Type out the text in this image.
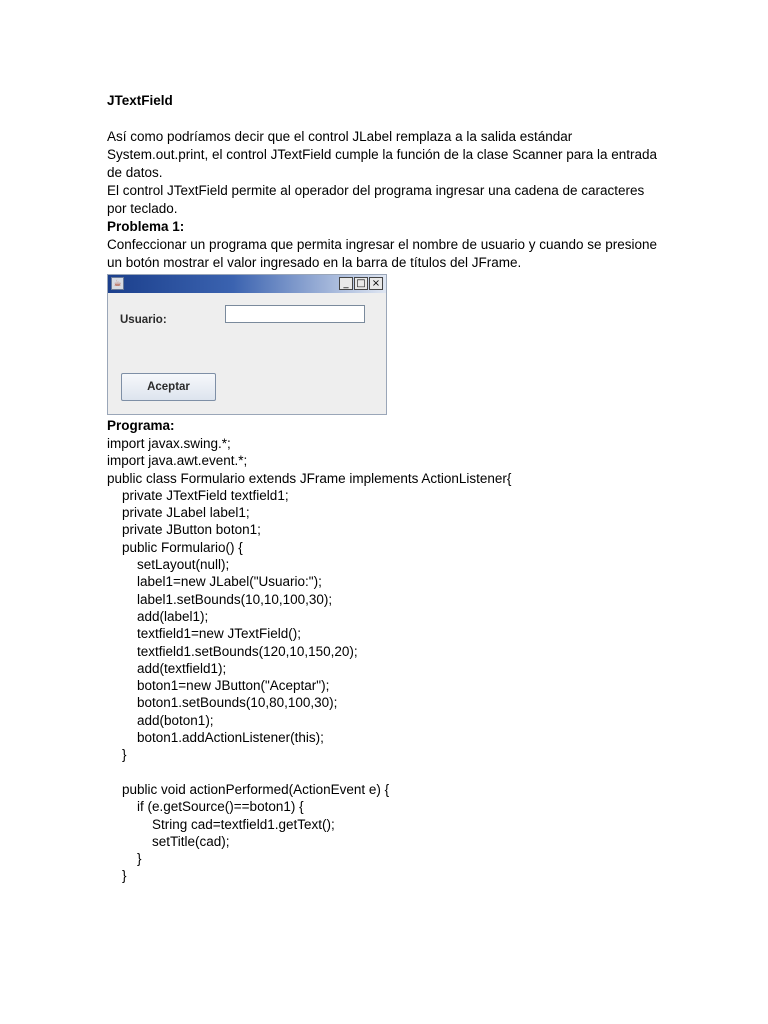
JTextField

Así como podríamos decir que el control JLabel remplaza a la salida estándar System.out.print, el control JTextField cumple la función de la clase Scanner para la entrada de datos.

El control JTextField permite al operador del programa ingresar una cadena de caracteres por teclado.

Problema 1:

Confeccionar un programa que permita ingresar el nombre de usuario y cuando se presione un botón mostrar el valor ingresado en la barra de títulos del JFrame.

☕	_ □ ×
Usuario:
Aceptar

Programa:

import javax.swing.*;

import java.awt.event.*;

public class Formulario extends JFrame implements ActionListener{

private JTextField textfield1;

private JLabel label1;

private JButton boton1;

public Formulario() {

setLayout(null);

label1=new JLabel("Usuario:");

label1.setBounds(10,10,100,30);

add(label1);

textfield1=new JTextField();

textfield1.setBounds(120,10,150,20);

add(textfield1);

boton1=new JButton("Aceptar");

boton1.setBounds(10,80,100,30);

add(boton1);

boton1.addActionListener(this);

}

public void actionPerformed(ActionEvent e) {

if (e.getSource()==boton1) {

String cad=textfield1.getText();

setTitle(cad);

}

}
